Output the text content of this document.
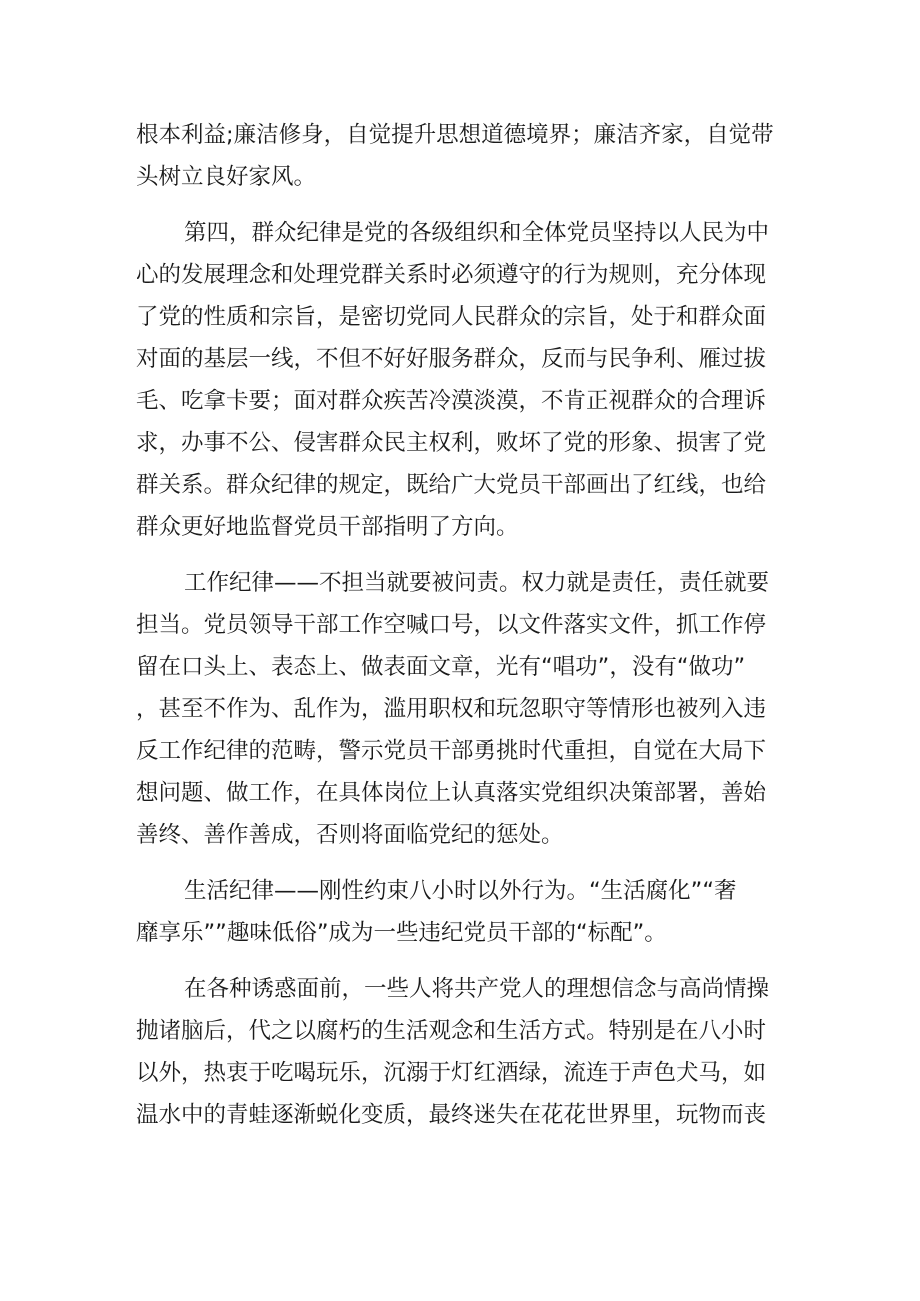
根本利益;廉洁修身，自觉提升思想道德境界；廉洁齐家，自觉带
头树立良好家风。
第四，群众纪律是党的各级组织和全体党员坚持以人民为中
心的发展理念和处理党群关系时必须遵守的行为规则，充分体现
了党的性质和宗旨，是密切党同人民群众的宗旨，处于和群众面
对面的基层一线，不但不好好服务群众，反而与民争利、雁过拔
毛、吃拿卡要；面对群众疾苦冷漠淡漠，不肯正视群众的合理诉
求，办事不公、侵害群众民主权利，败坏了党的形象、损害了党
群关系。群众纪律的规定，既给广大党员干部画出了红线，也给
群众更好地监督党员干部指明了方向。
工作纪律——不担当就要被问责。权力就是责任，责任就要
担当。党员领导干部工作空喊口号，以文件落实文件，抓工作停
留在口头上、表态上、做表面文章，光有“唱功”，没有“做功”
，甚至不作为、乱作为，滥用职权和玩忽职守等情形也被列入违
反工作纪律的范畴，警示党员干部勇挑时代重担，自觉在大局下
想问题、做工作，在具体岗位上认真落实党组织决策部署，善始
善终、善作善成，否则将面临党纪的惩处。
生活纪律——刚性约束八小时以外行为。“生活腐化”“奢
靡享乐””趣味低俗”成为一些违纪党员干部的“标配”。
在各种诱惑面前，一些人将共产党人的理想信念与高尚情操
抛诸脑后，代之以腐朽的生活观念和生活方式。特别是在八小时
以外，热衷于吃喝玩乐，沉溺于灯红酒绿，流连于声色犬马，如
温水中的青蛙逐渐蜕化变质，最终迷失在花花世界里，玩物而丧
